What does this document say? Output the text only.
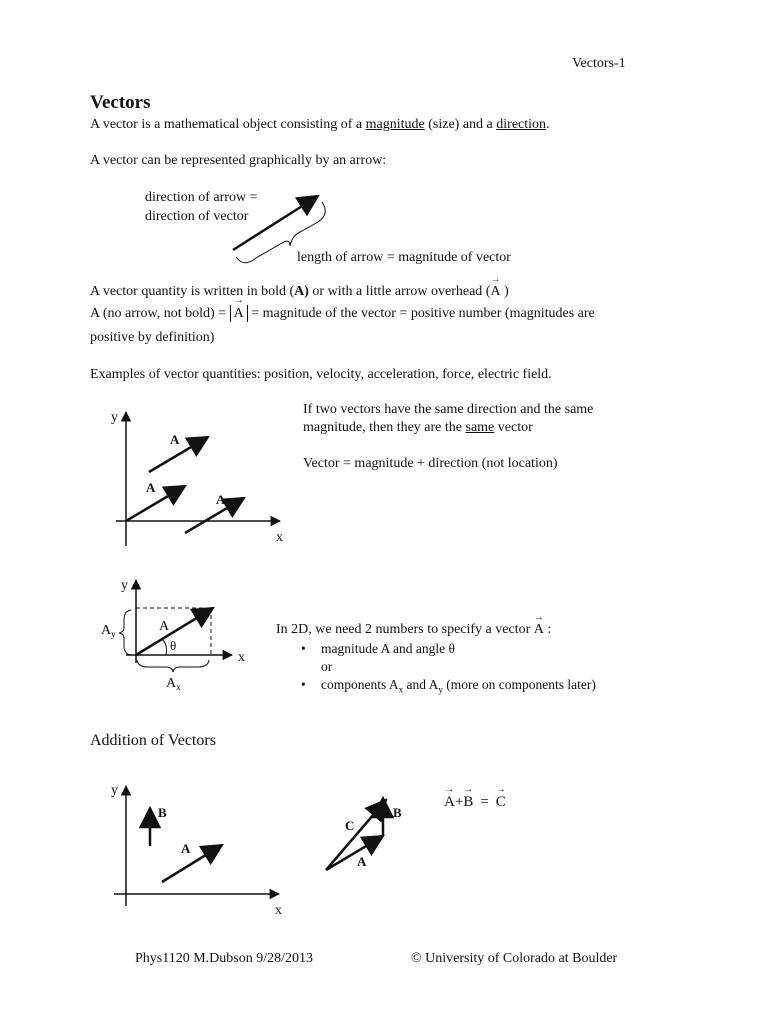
Vectors-1
Vectors
A vector is a mathematical object consisting of a magnitude (size) and a direction.
A vector can be represented graphically by an arrow:
direction of arrow =
direction of vector
length of arrow = magnitude of vector
A vector quantity is written in bold (A) or with a little arrow overhead (→ A )
A (no arrow, not bold) = → A = magnitude of the vector = positive number (magnitudes are
positive by definition)
Examples of vector quantities: position, velocity, acceleration, force, electric field.
y
x
A
A
A
If two vectors have the same direction and the same
magnitude, then they are the same vector
Vector = magnitude + direction (not location)
y
x
A
θ
$A_y$
$A_x$
In 2D, we need 2 numbers to specify a vector → A :
• magnitude A and angle θ
or
• components $A_x$ and $A_y$ (more on components later)
Addition of Vectors
y
x
B
A
C
B
A
→ A+→ B =→ C
Phys1120 M.Dubson 9/28/2013	© University of Colorado at Boulder
